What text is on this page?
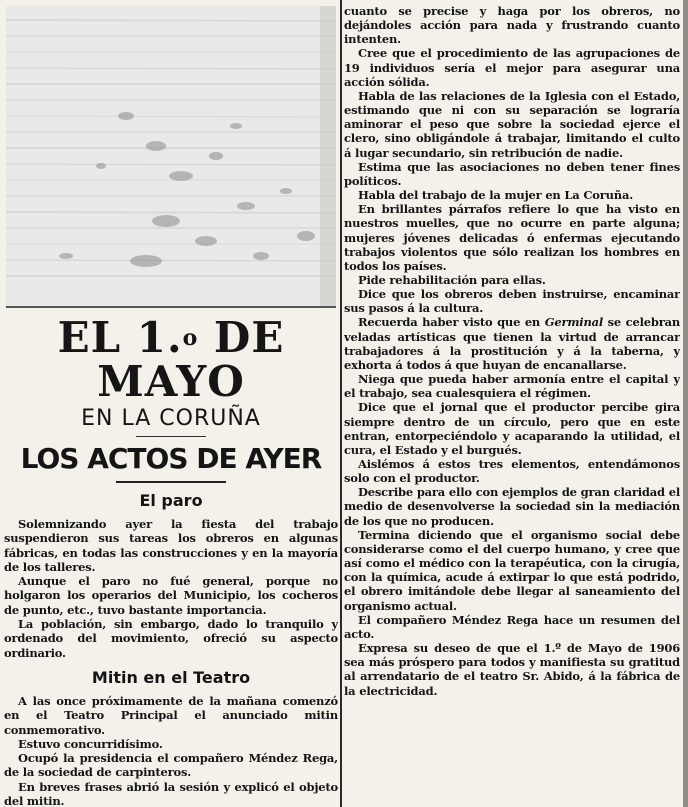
EL 1.$^o$ DE MAYO
EN LA CORUÑA
LOS ACTOS DE AYER
El paro

Solemnizando ayer la fiesta del trabajo suspendieron sus tareas los obreros en algunas fábricas, en todas las construcciones y en la mayoría de los talleres.

Aunque el paro no fué general, porque no holgaron los operarios del Municipio, los cocheros de punto, etc., tuvo bastante importancia.

La población, sin embargo, dado lo tranquilo y ordenado del movimiento, ofreció su aspecto ordinario.

Mitin en el Teatro

A las once próximamente de la mañana comenzó en el Teatro Principal el anunciado mitin conmemorativo.

Estuvo concurridísimo.

Ocupó la presidencia el compañero Méndez Rega, de la sociedad de carpinteros.

En breves frases abrió la sesión y explicó el objeto del mitin.

cuanto se precise y haga por los obreros, no dejándoles acción para nada y frustrando cuanto intenten.

Cree que el procedimiento de las agrupaciones de 19 individuos sería el mejor para asegurar una acción sólida.

Habla de las relaciones de la Iglesia con el Estado, estimando que ni con su separación se lograría aminorar el peso que sobre la sociedad ejerce el clero, sino obligándole á trabajar, limitando el culto á lugar secundario, sin retribución de nadie.

Estima que las asociaciones no deben tener fines políticos.

Habla del trabajo de la mujer en La Coruña.

En brillantes párrafos refiere lo que ha visto en nuestros muelles, que no ocurre en parte alguna; mujeres jóvenes delicadas ó enfermas ejecutando trabajos violentos que sólo realizan los hombres en todos los países.

Pide rehabilitación para ellas.

Dice que los obreros deben instruirse, encaminar sus pasos á la cultura.

Recuerda haber visto que en Germinal se celebran veladas artísticas que tienen la virtud de arrancar trabajadores á la prostitución y á la taberna, y exhorta á todos á que huyan de encanallarse.

Niega que pueda haber armonía entre el capital y el trabajo, sea cualesquiera el régimen.

Dice que el jornal que el productor percibe gira siempre dentro de un círculo, pero que en este entran, entorpeciéndolo y acaparando la utilidad, el cura, el Estado y el burgués.

Aislémos á estos tres elementos, entendámonos solo con el productor.

Describe para ello con ejemplos de gran claridad el medio de desenvolverse la sociedad sin la mediación de los que no producen.

Termina diciendo que el organismo social debe considerarse como el del cuerpo humano, y cree que así como el médico con la terapéutica, con la cirugía, con la química, acude á extirpar lo que está podrido, el obrero imitándole debe llegar al saneamiento del organismo actual.

El compañero Méndez Rega hace un resumen del acto.

Expresa su deseo de que el 1.º de Mayo de 1906 sea más próspero para todos y manifiesta su gratitud al arrendatario de el teatro Sr. Abido, á la fábrica de la electricidad.
